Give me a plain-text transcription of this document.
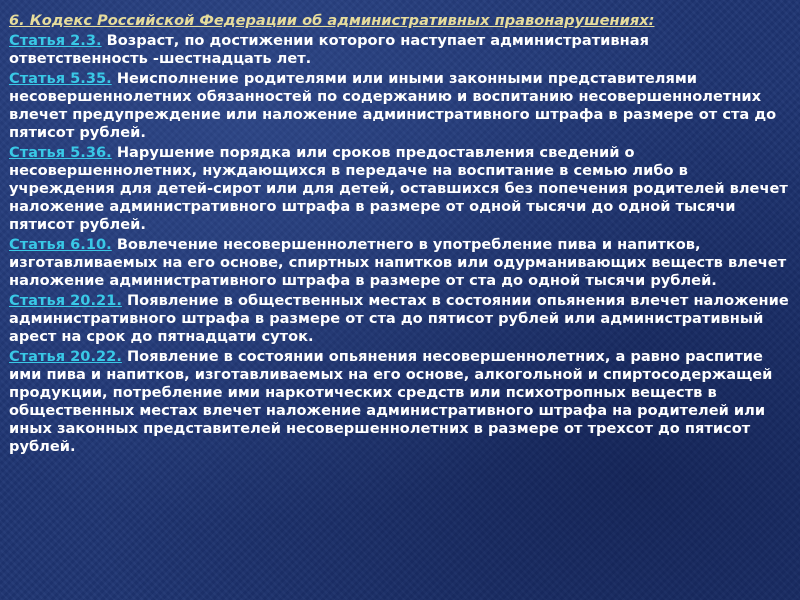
6. Кодекс Российской Федерации об административных правонарушениях:
Статья 2.3. Возраст, по достижении которого наступает административная ответственность -шестнадцать лет.
Статья 5.35. Неисполнение родителями или иными законными представителями несовершеннолетних обязанностей по содержанию и воспитанию несовершеннолетних влечет предупреждение или наложение административного штрафа в размере от ста до пятисот рублей.
Статья 5.36. Нарушение порядка или сроков предоставления сведений о несовершеннолетних, нуждающихся в передаче на воспитание в семью либо в учреждения для детей-сирот или для детей, оставшихся без попечения родителей влечет наложение административного штрафа в размере от одной тысячи до одной тысячи пятисот рублей.
Статья 6.10. Вовлечение несовершеннолетнего в употребление пива и напитков, изготавливаемых на его основе, спиртных напитков или одурманивающих веществ влечет наложение административного штрафа в размере от ста до одной тысячи рублей.
Статья 20.21. Появление в общественных местах в состоянии опьянения влечет наложение административного штрафа в размере от ста до пятисот рублей или административный арест на срок до пятнадцати суток.
Статья 20.22. Появление в состоянии опьянения несовершеннолетних, а равно распитие ими пива и напитков, изготавливаемых на его основе, алкогольной и спиртосодержащей продукции, потребление ими наркотических средств или психотропных веществ в общественных местах влечет наложение административного штрафа на родителей или иных законных представителей несовершеннолетних в размере от трехсот до пятисот рублей.
